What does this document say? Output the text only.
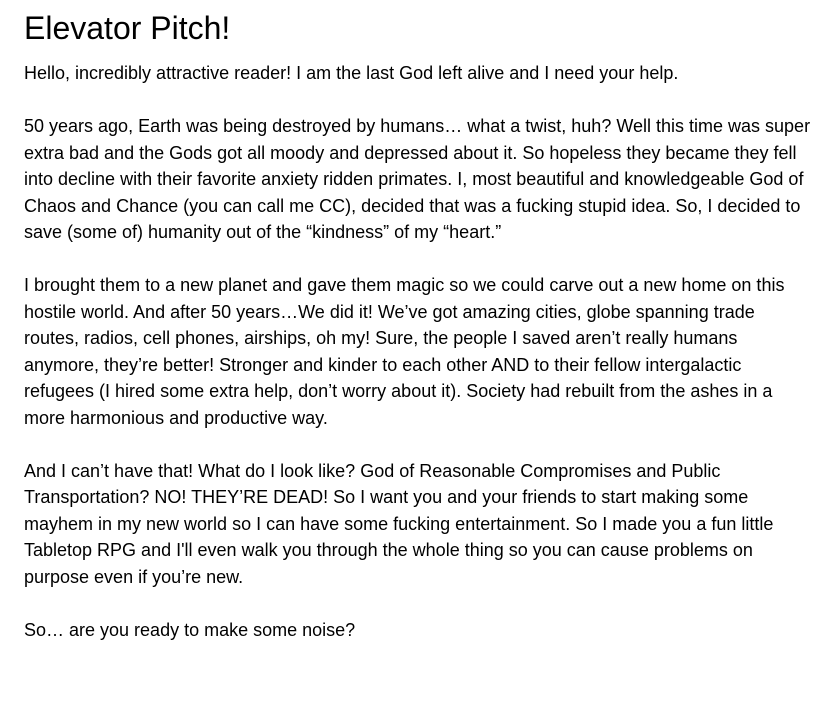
Elevator Pitch!

Hello, incredibly attractive reader! I am the last God left alive and I need your help.

50 years ago, Earth was being destroyed by humans… what a twist, huh? Well this time was super extra bad and the Gods got all moody and depressed about it. So hopeless they became they fell into decline with their favorite anxiety ridden primates. I, most beautiful and knowledgeable God of Chaos and Chance (you can call me CC), decided that was a fucking stupid idea. So, I decided to save (some of) humanity out of the “kindness” of my “heart.”

I brought them to a new planet and gave them magic so we could carve out a new home on this hostile world. And after 50 years…We did it! We’ve got amazing cities, globe spanning trade routes, radios, cell phones, airships, oh my! Sure, the people I saved aren’t really humans anymore, they’re better! Stronger and kinder to each other AND to their fellow intergalactic refugees (I hired some extra help, don’t worry about it). Society had rebuilt from the ashes in a more harmonious and productive way.

And I can’t have that! What do I look like? God of Reasonable Compromises and Public Transportation? NO! THEY’RE DEAD! So I want you and your friends to start making some mayhem in my new world so I can have some fucking entertainment. So I made you a fun little Tabletop RPG and I'll even walk you through the whole thing so you can cause problems on purpose even if you’re new.

So… are you ready to make some noise?
